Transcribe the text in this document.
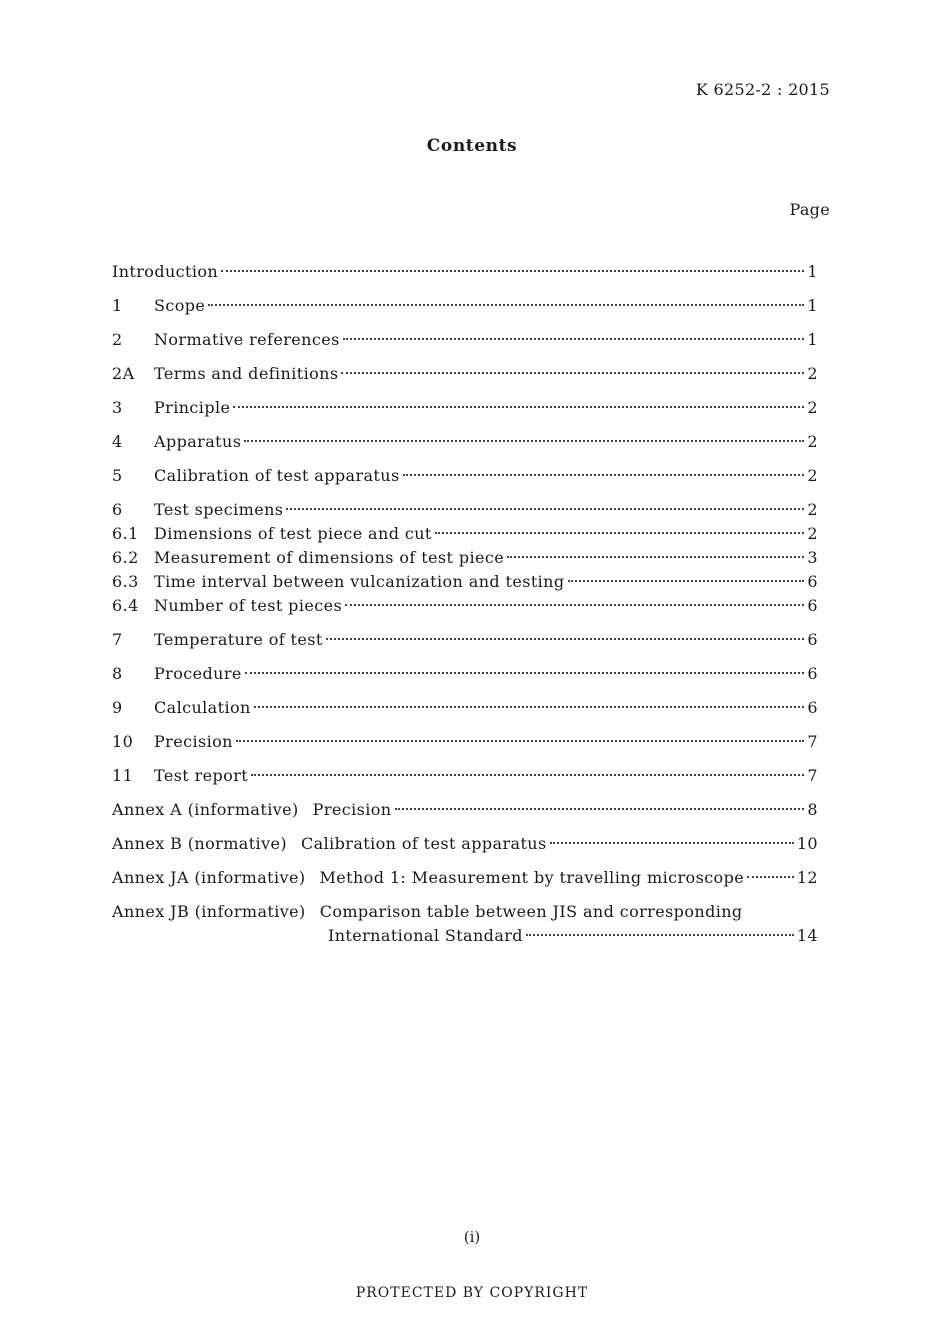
K 6252-2 : 2015
Contents
Page
Introduction	1
1	Scope	1
2	Normative references	1
2A	Terms and definitions	2
3	Principle	2
4	Apparatus	2
5	Calibration of test apparatus	2
6	Test specimens	2
6.1 Dimensions of test piece and cut	2
6.2 Measurement of dimensions of test piece	3
6.3 Time interval between vulcanization and testing	6
6.4 Number of test pieces	6
7	Temperature of test	6
8	Procedure	6
9	Calculation	6
10	Precision	7
11	Test report	7
Annex A (informative) Precision	8
Annex B (normative) Calibration of test apparatus	10
Annex JA (informative) Method 1: Measurement by travelling microscope	12
Annex JB (informative) Comparison table between JIS and corresponding
International Standard	14
(i)
PROTECTED BY COPYRIGHT
